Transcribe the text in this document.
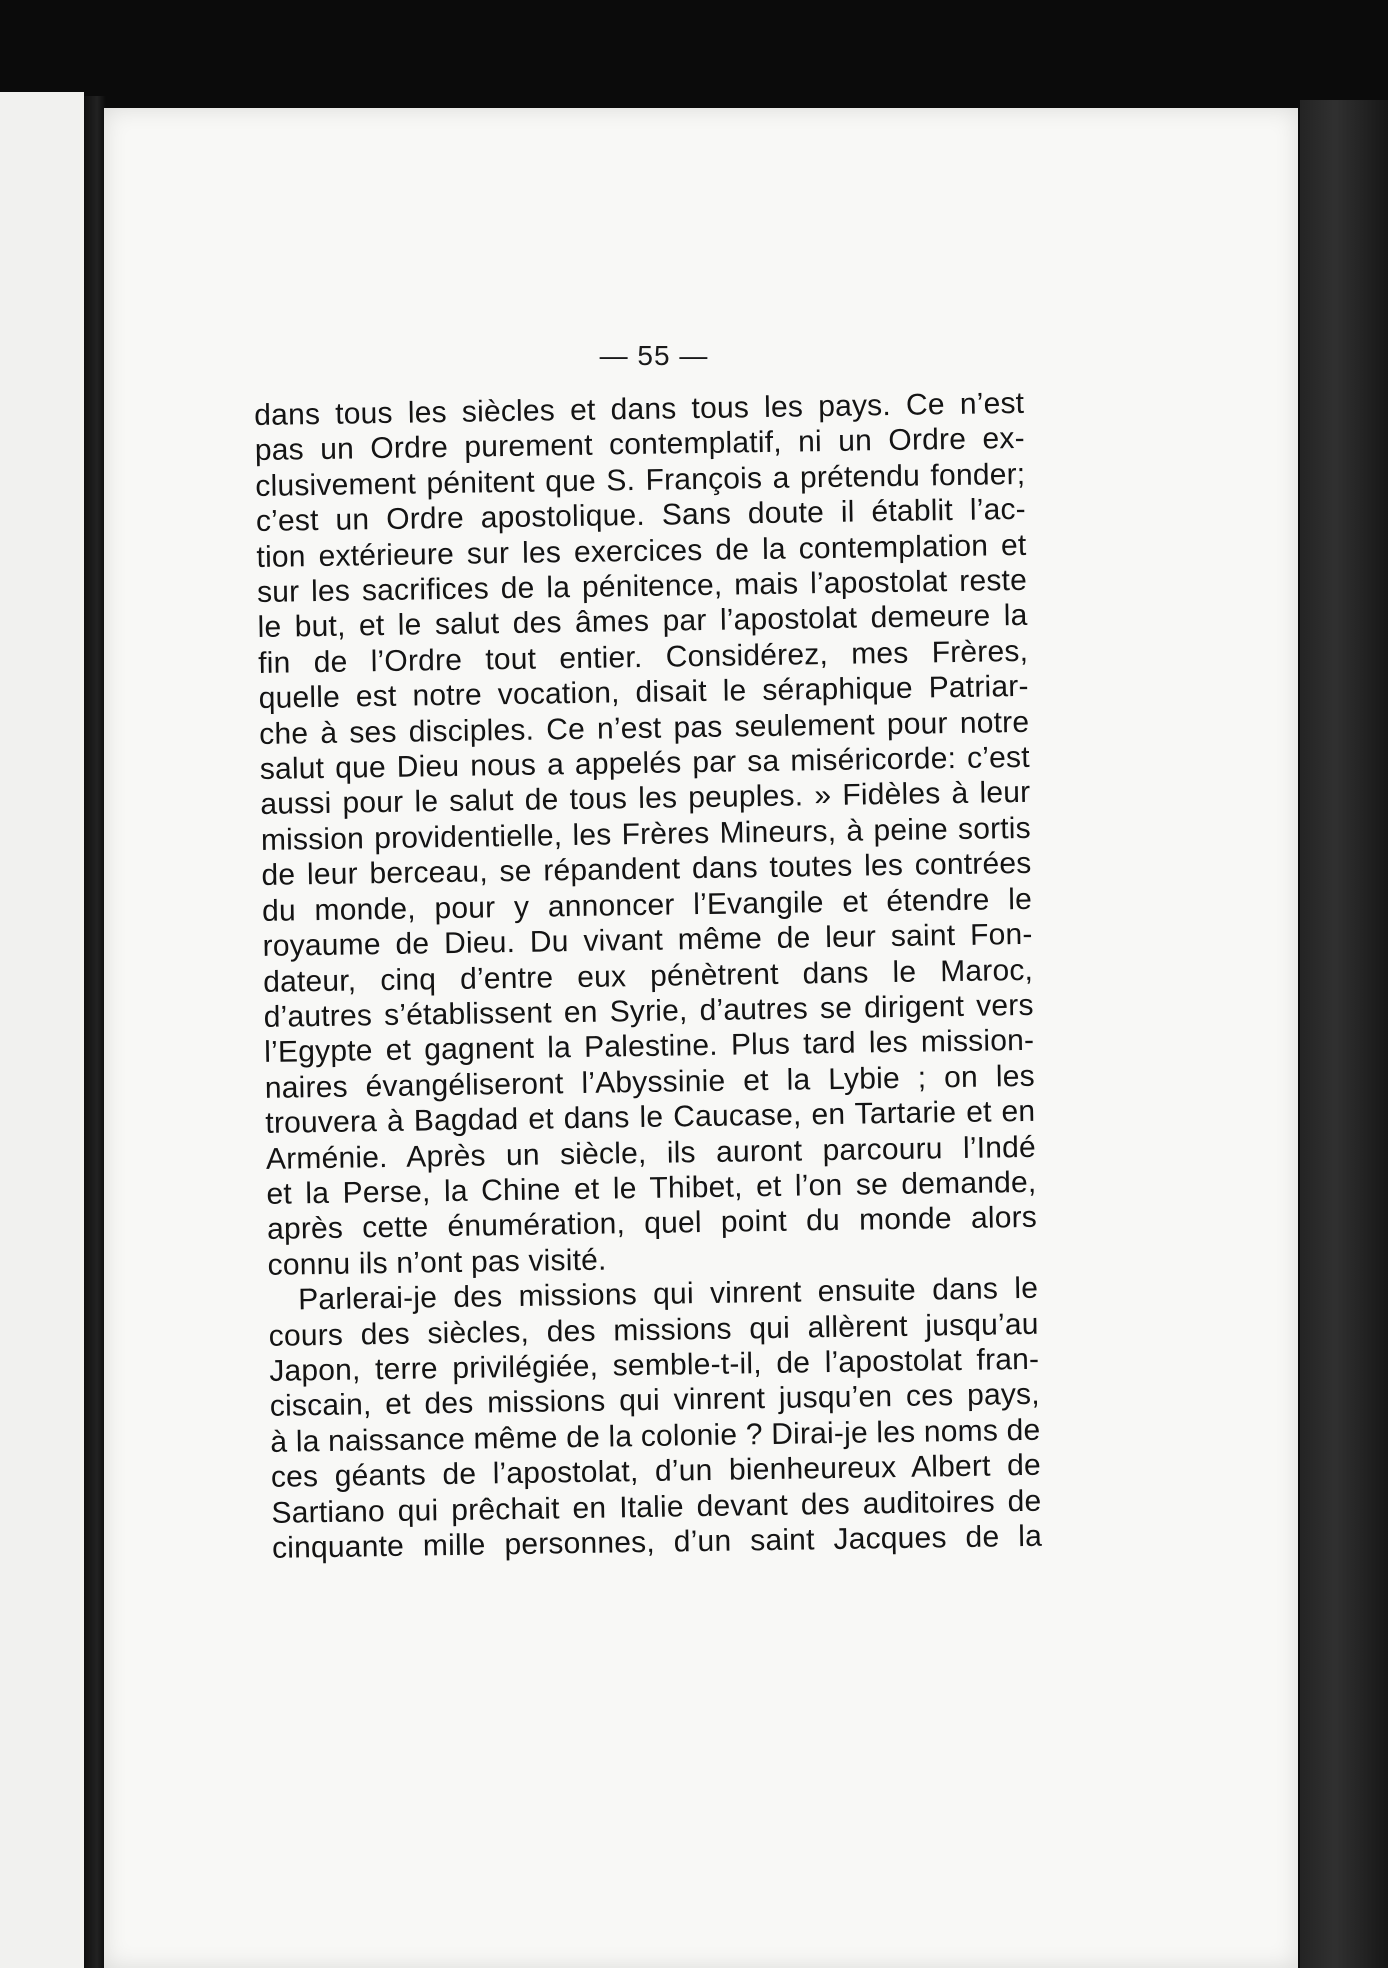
— 55 —

dans tous les siècles et dans tous les pays. Ce n’est
pas un Ordre purement contemplatif, ni un Ordre ex-
clusivement pénitent que S. François a prétendu fonder;
c’est un Ordre apostolique. Sans doute il établit l’ac-
tion extérieure sur les exercices de la contemplation et
sur les sacrifices de la pénitence, mais l’apostolat reste
le but, et le salut des âmes par l’apostolat demeure la
fin de l’Ordre tout entier. Considérez, mes Frères,
quelle est notre vocation, disait le séraphique Patriar-
che à ses disciples. Ce n’est pas seulement pour notre
salut que Dieu nous a appelés par sa miséricorde: c’est
aussi pour le salut de tous les peuples. » Fidèles à leur
mission providentielle, les Frères Mineurs, à peine sortis
de leur berceau, se répandent dans toutes les contrées
du monde, pour y annoncer l’Evangile et étendre le
royaume de Dieu. Du vivant même de leur saint Fon-
dateur, cinq d’entre eux pénètrent dans le Maroc,
d’autres s’établissent en Syrie, d’autres se dirigent vers
l’Egypte et gagnent la Palestine. Plus tard les mission-
naires évangéliseront l’Abyssinie et la Lybie ; on les
trouvera à Bagdad et dans le Caucase, en Tartarie et en
Arménie. Après un siècle, ils auront parcouru l’Indé
et la Perse, la Chine et le Thibet, et l’on se demande,
après cette énumération, quel point du monde alors
connu ils n’ont pas visité.

Parlerai-je des missions qui vinrent ensuite dans le
cours des siècles, des missions qui allèrent jusqu’au
Japon, terre privilégiée, semble-t-il, de l’apostolat fran-
ciscain, et des missions qui vinrent jusqu’en ces pays,
à la naissance même de la colonie ? Dirai-je les noms de
ces géants de l’apostolat, d’un bienheureux Albert de
Sartiano qui prêchait en Italie devant des auditoires de
cinquante mille personnes, d’un saint Jacques de la
